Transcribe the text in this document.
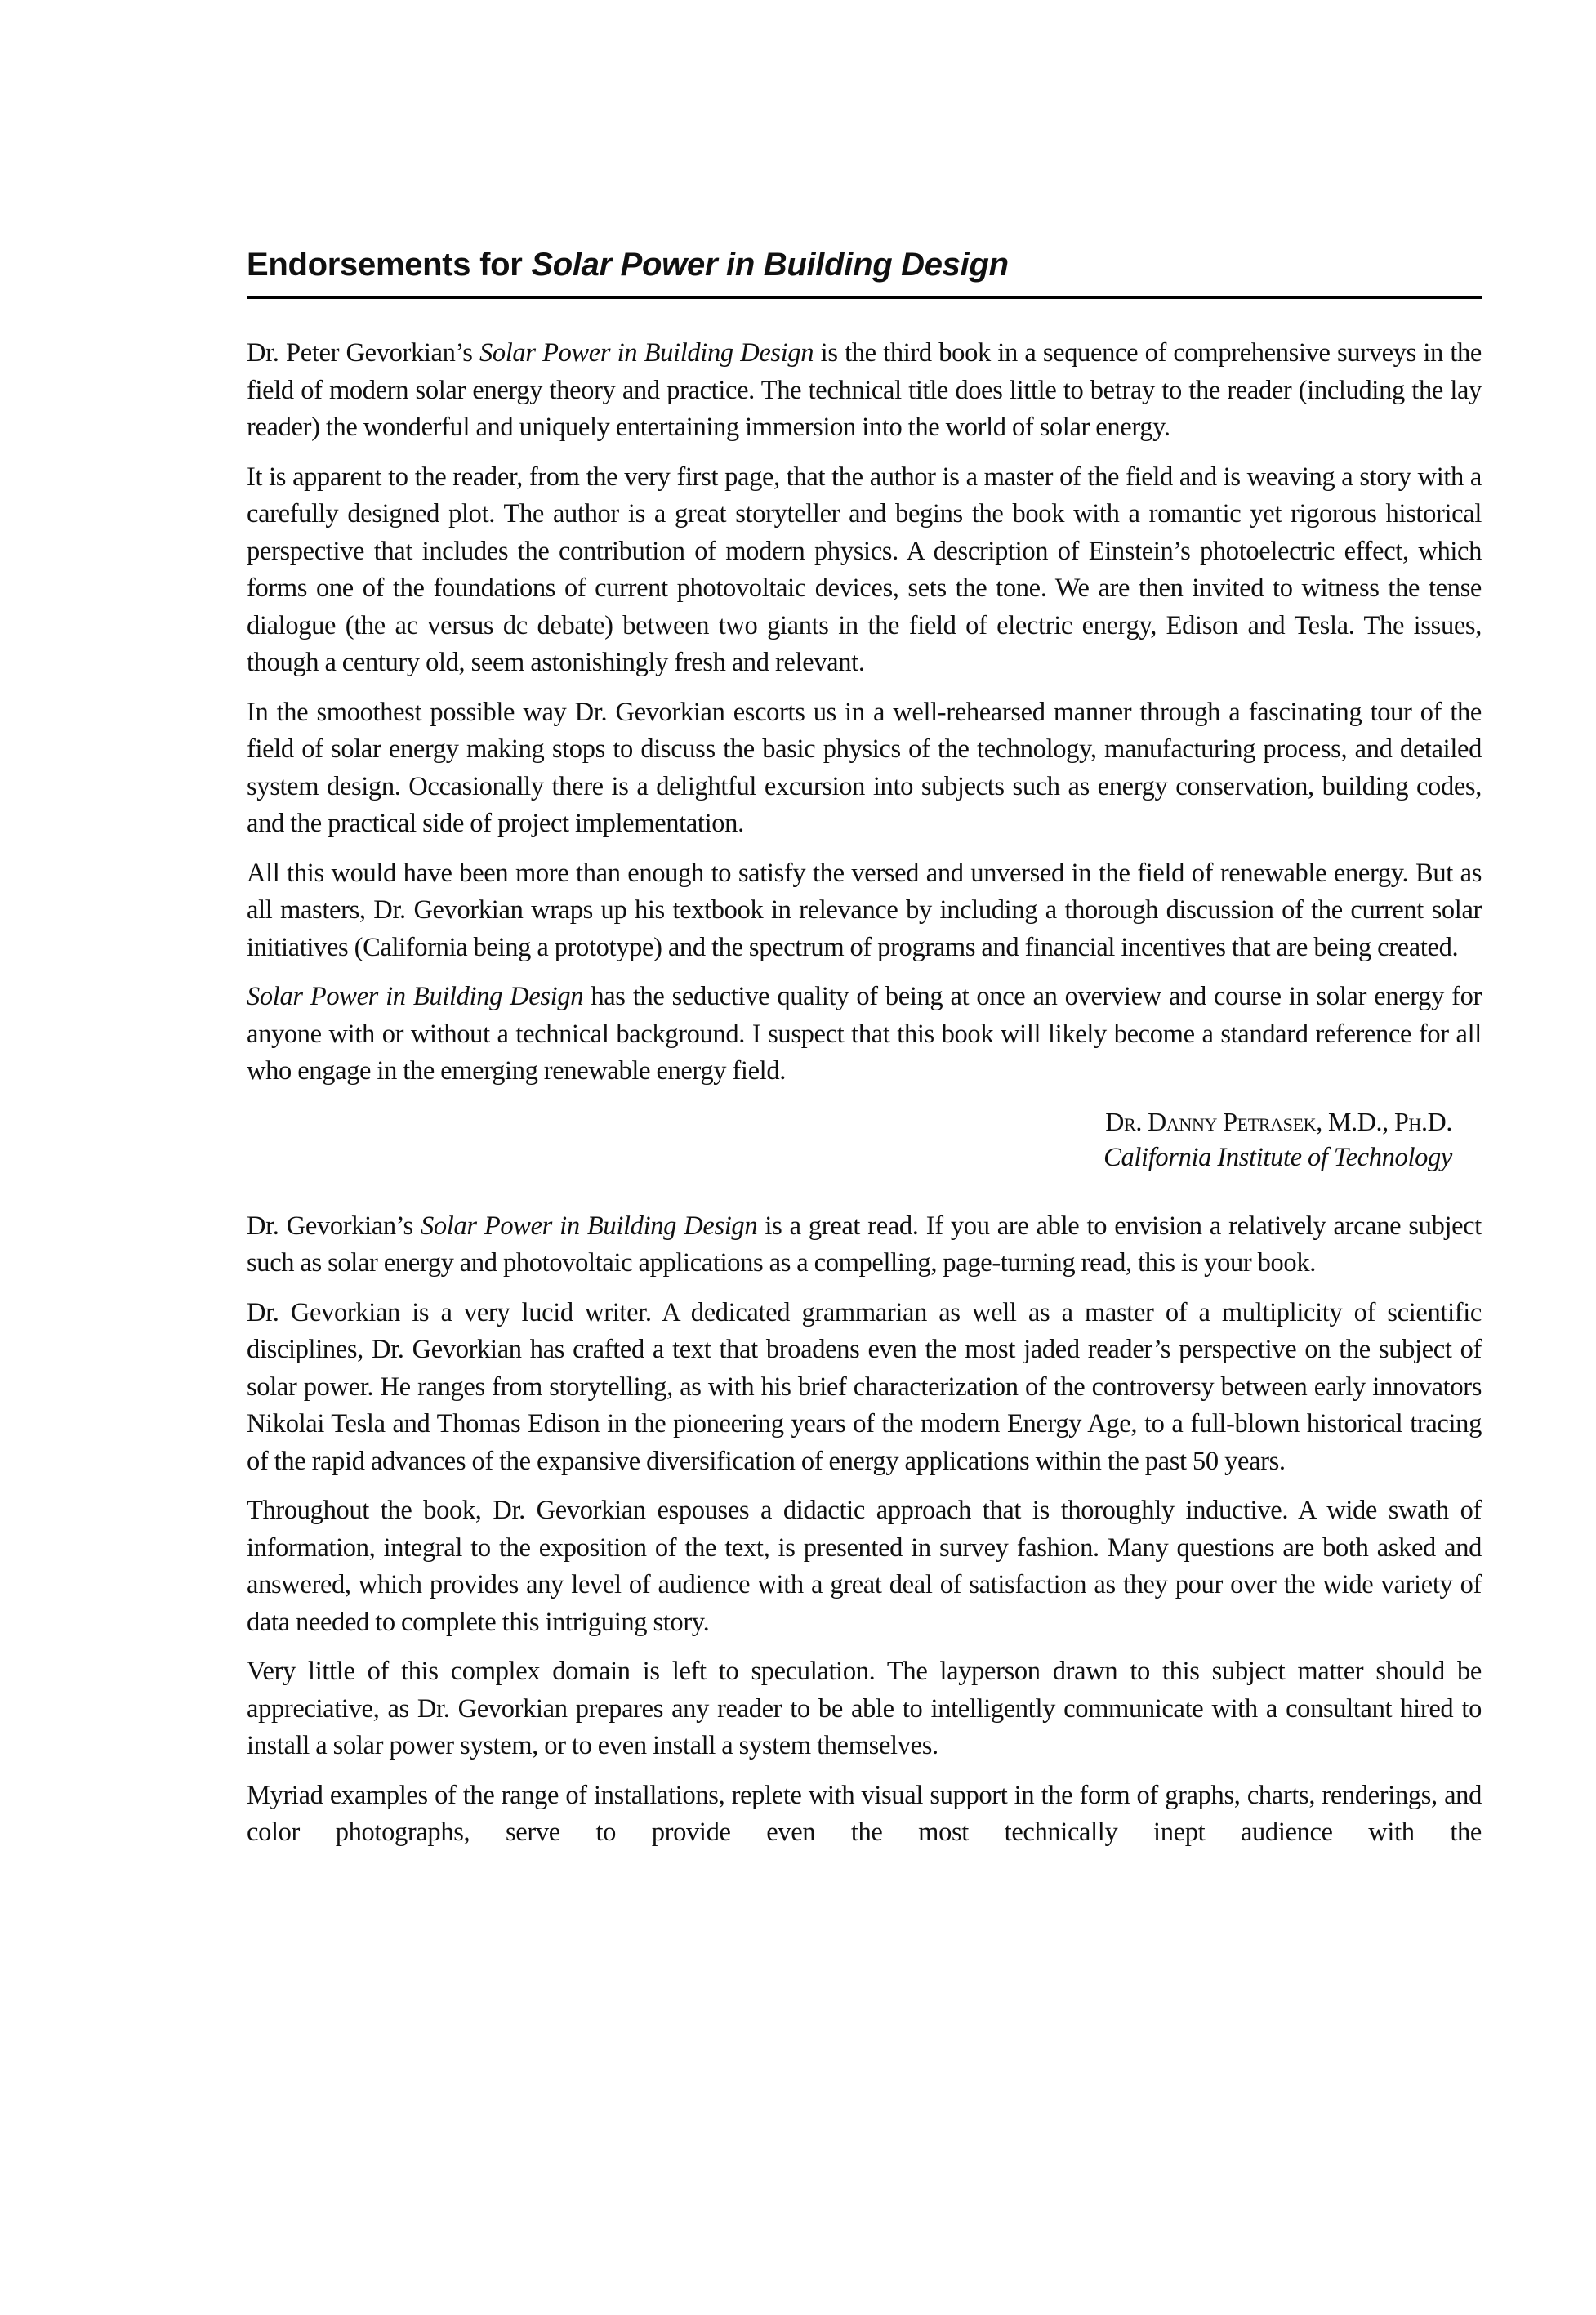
Endorsements for Solar Power in Building Design

Dr. Peter Gevorkian’s Solar Power in Building Design is the third book in a sequence of comprehensive surveys in the field of modern solar energy theory and practice. The technical title does little to betray to the reader (including the lay reader) the wonderful and uniquely entertaining immersion into the world of solar energy.

It is apparent to the reader, from the very first page, that the author is a master of the field and is weaving a story with a carefully designed plot. The author is a great storyteller and begins the book with a romantic yet rigorous historical perspective that includes the contribution of modern physics. A description of Einstein’s photoelectric effect, which forms one of the foundations of current photovoltaic devices, sets the tone. We are then invited to witness the tense dialogue (the ac versus dc debate) between two giants in the field of electric energy, Edison and Tesla. The issues, though a century old, seem astonishingly fresh and relevant.

In the smoothest possible way Dr. Gevorkian escorts us in a well-rehearsed manner through a fascinating tour of the field of solar energy making stops to discuss the basic physics of the technology, manufacturing process, and detailed system design. Occasionally there is a delightful excursion into subjects such as energy conservation, building codes, and the practical side of project implementation.

All this would have been more than enough to satisfy the versed and unversed in the field of renewable energy. But as all masters, Dr. Gevorkian wraps up his textbook in relevance by including a thorough discussion of the current solar initiatives (California being a prototype) and the spectrum of programs and financial incentives that are being created.

Solar Power in Building Design has the seductive quality of being at once an overview and course in solar energy for anyone with or without a technical background. I suspect that this book will likely become a standard reference for all who engage in the emerging renewable energy field.

Dr. Danny Petrasek, M.D., Ph.D.
California Institute of Technology

Dr. Gevorkian’s Solar Power in Building Design is a great read. If you are able to envision a relatively arcane subject such as solar energy and photovoltaic applications as a compelling, page-turning read, this is your book.

Dr. Gevorkian is a very lucid writer. A dedicated grammarian as well as a master of a multiplicity of scientific disciplines, Dr. Gevorkian has crafted a text that broadens even the most jaded reader’s perspective on the subject of solar power. He ranges from storytelling, as with his brief characterization of the controversy between early innovators Nikolai Tesla and Thomas Edison in the pioneering years of the modern Energy Age, to a full-blown historical tracing of the rapid advances of the expansive diversification of energy applications within the past 50 years.

Throughout the book, Dr. Gevorkian espouses a didactic approach that is thoroughly inductive. A wide swath of information, integral to the exposition of the text, is presented in survey fashion. Many questions are both asked and answered, which provides any level of audience with a great deal of satisfaction as they pour over the wide variety of data needed to complete this intriguing story.

Very little of this complex domain is left to speculation. The layperson drawn to this subject matter should be appreciative, as Dr. Gevorkian prepares any reader to be able to intelligently communicate with a consultant hired to install a solar power system, or to even install a system themselves.

Myriad examples of the range of installations, replete with visual support in the form of graphs, charts, renderings, and color photographs, serve to provide even the most technically inept audience with the
